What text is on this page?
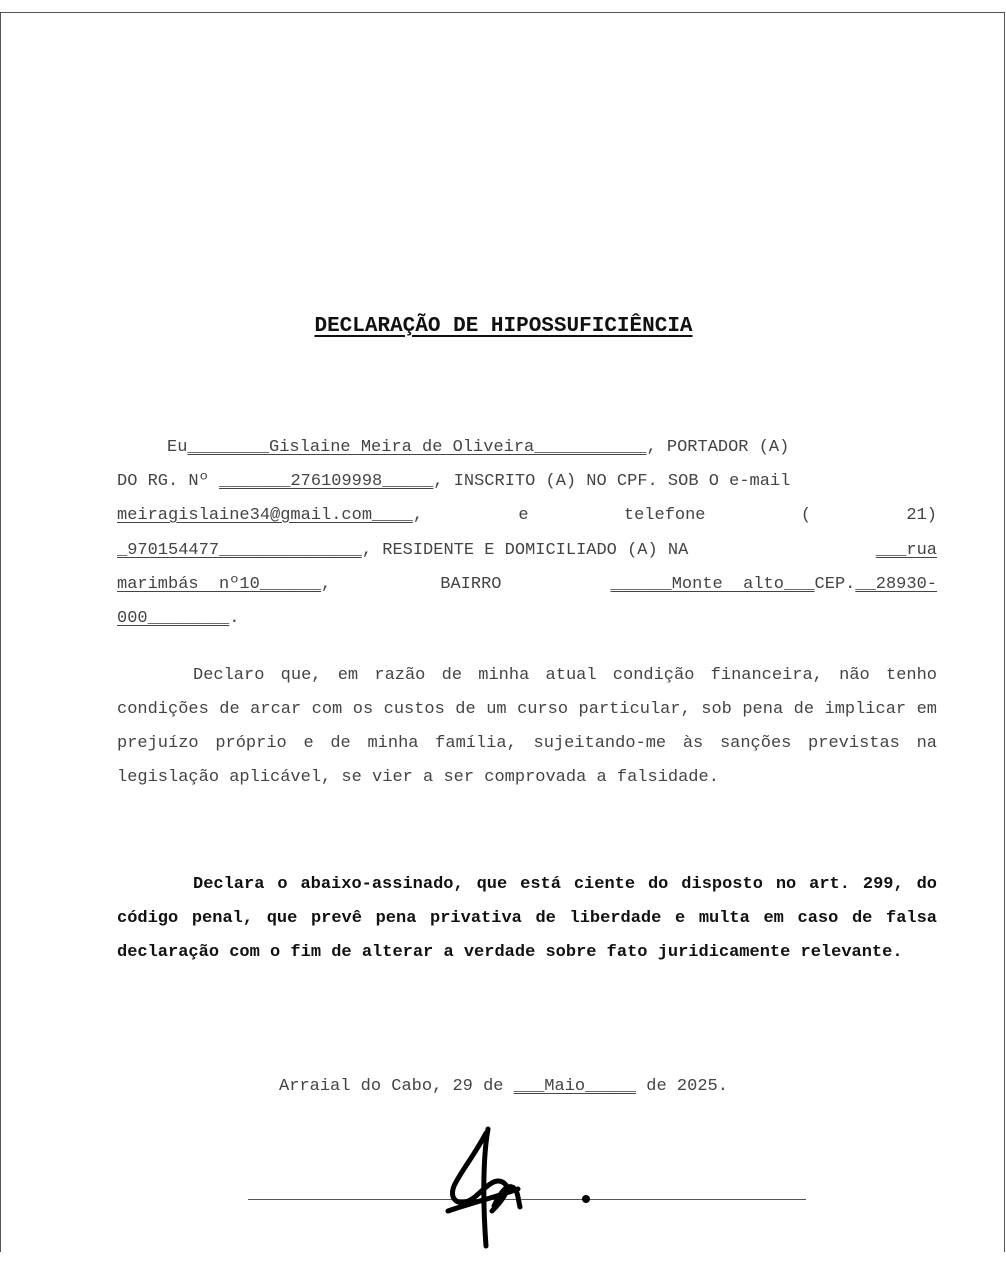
DECLARAÇÃO DE HIPOSSUFICIÊNCIA
Eu________Gislaine Meira de Oliveira___________, PORTADOR (A)
DO RG. Nº _______276109998_____, INSCRITO (A) NO CPF. SOB O e-mail
meiragislaine34@gmail.com____,	e	telefone	(	21)
_970154477______________, RESIDENTE E DOMICILIADO (A) NA	___rua
marimbás  nº10______,	BAIRRO	______Monte  alto___CEP.__28930-
000________.
Declaro que, em razão de minha atual condição financeira, não tenho condições de arcar com os custos de um curso particular, sob pena de implicar em prejuízo próprio e de minha família, sujeitando-me às sanções previstas na legislação aplicável, se vier a ser comprovada a falsidade.
Declara o abaixo-assinado, que está ciente do disposto no art. 299, do código penal, que prevê pena privativa de liberdade e multa em caso de falsa declaração com o fim de alterar a verdade sobre fato juridicamente relevante.
Arraial do Cabo, 29 de ___Maio_____ de 2025.
